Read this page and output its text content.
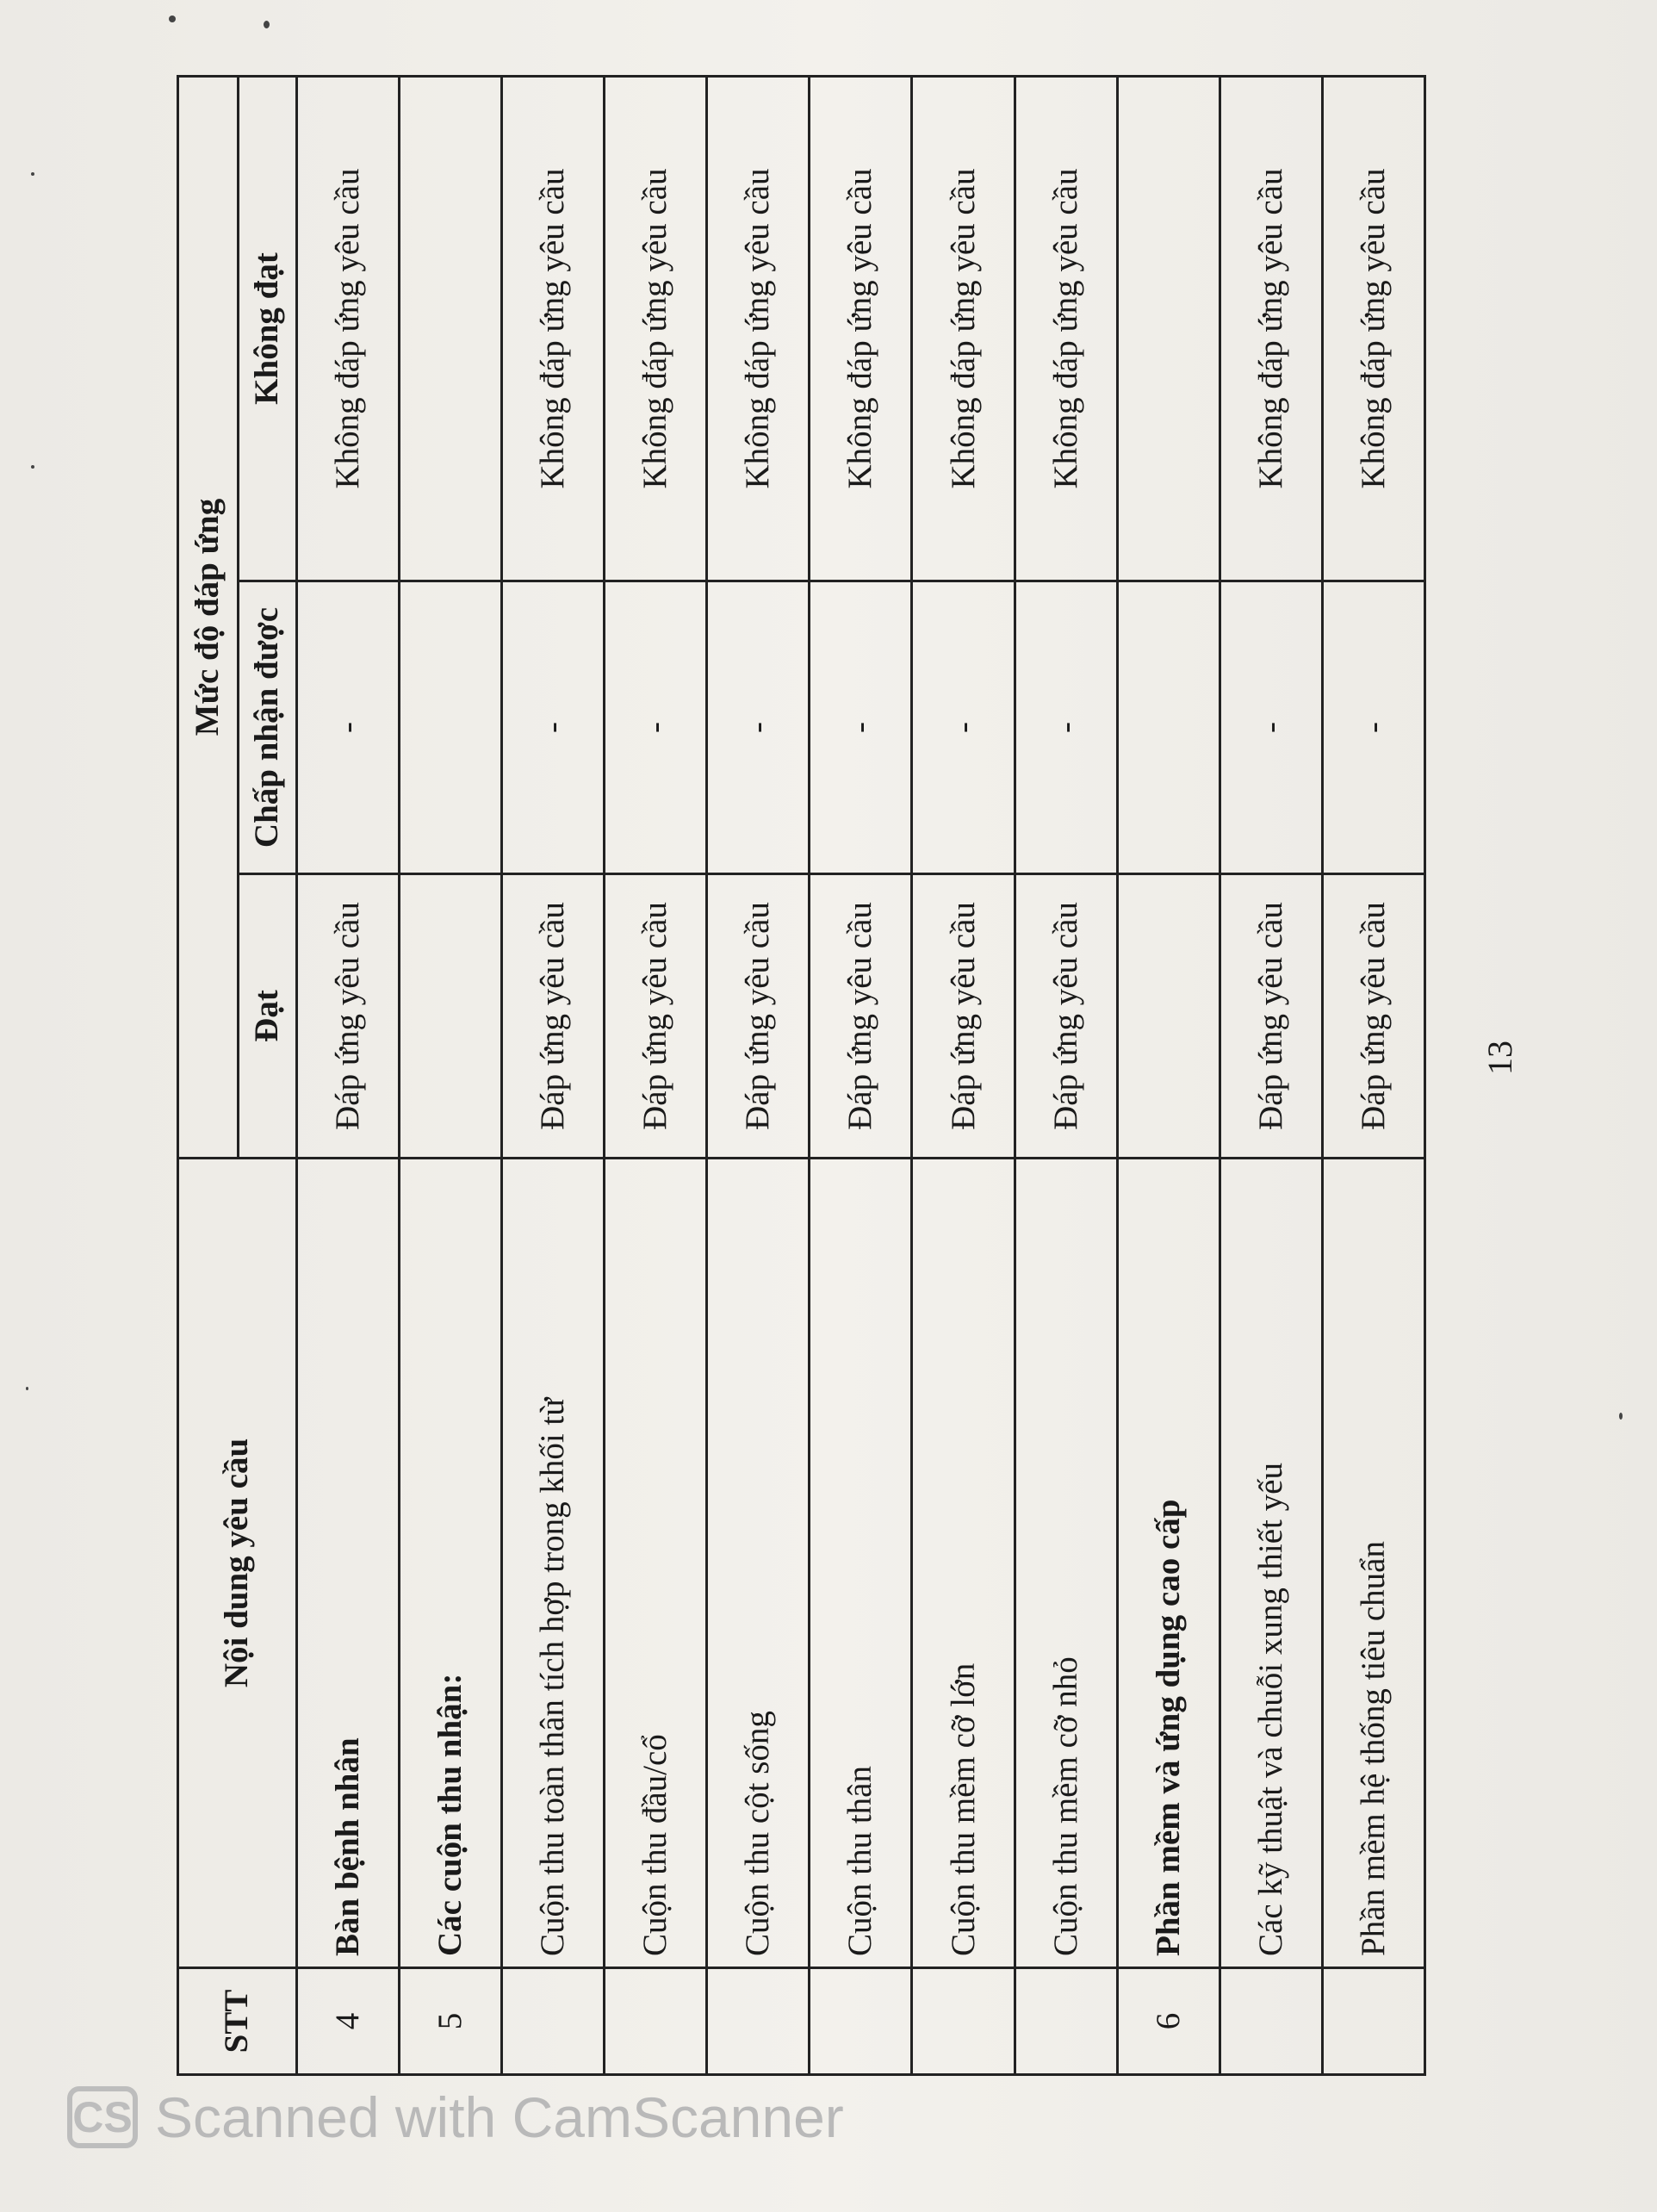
STT	Nội dung yêu cầu	Mức độ đáp ứng		
		Đạt	Chấp nhận được	Không đạt
4	Bàn bệnh nhân	Đáp ứng yêu cầu	-	Không đáp ứng yêu cầu
5	Các cuộn thu nhận:			
	Cuộn thu toàn thân tích hợp trong khối từ	Đáp ứng yêu cầu	-	Không đáp ứng yêu cầu
	Cuộn thu đầu/cổ	Đáp ứng yêu cầu	-	Không đáp ứng yêu cầu
	Cuộn thu cột sống	Đáp ứng yêu cầu	-	Không đáp ứng yêu cầu
	Cuộn thu thân	Đáp ứng yêu cầu	-	Không đáp ứng yêu cầu
	Cuộn thu mềm cỡ lớn	Đáp ứng yêu cầu	-	Không đáp ứng yêu cầu
	Cuộn thu mềm cỡ nhỏ	Đáp ứng yêu cầu	-	Không đáp ứng yêu cầu
6	Phần mềm và ứng dụng cao cấp			
	Các kỹ thuật và chuỗi xung thiết yếu	Đáp ứng yêu cầu	-	Không đáp ứng yêu cầu
	Phần mềm hệ thống tiêu chuẩn	Đáp ứng yêu cầu	-	Không đáp ứng yêu cầu
13
CS Scanned with CamScanner
